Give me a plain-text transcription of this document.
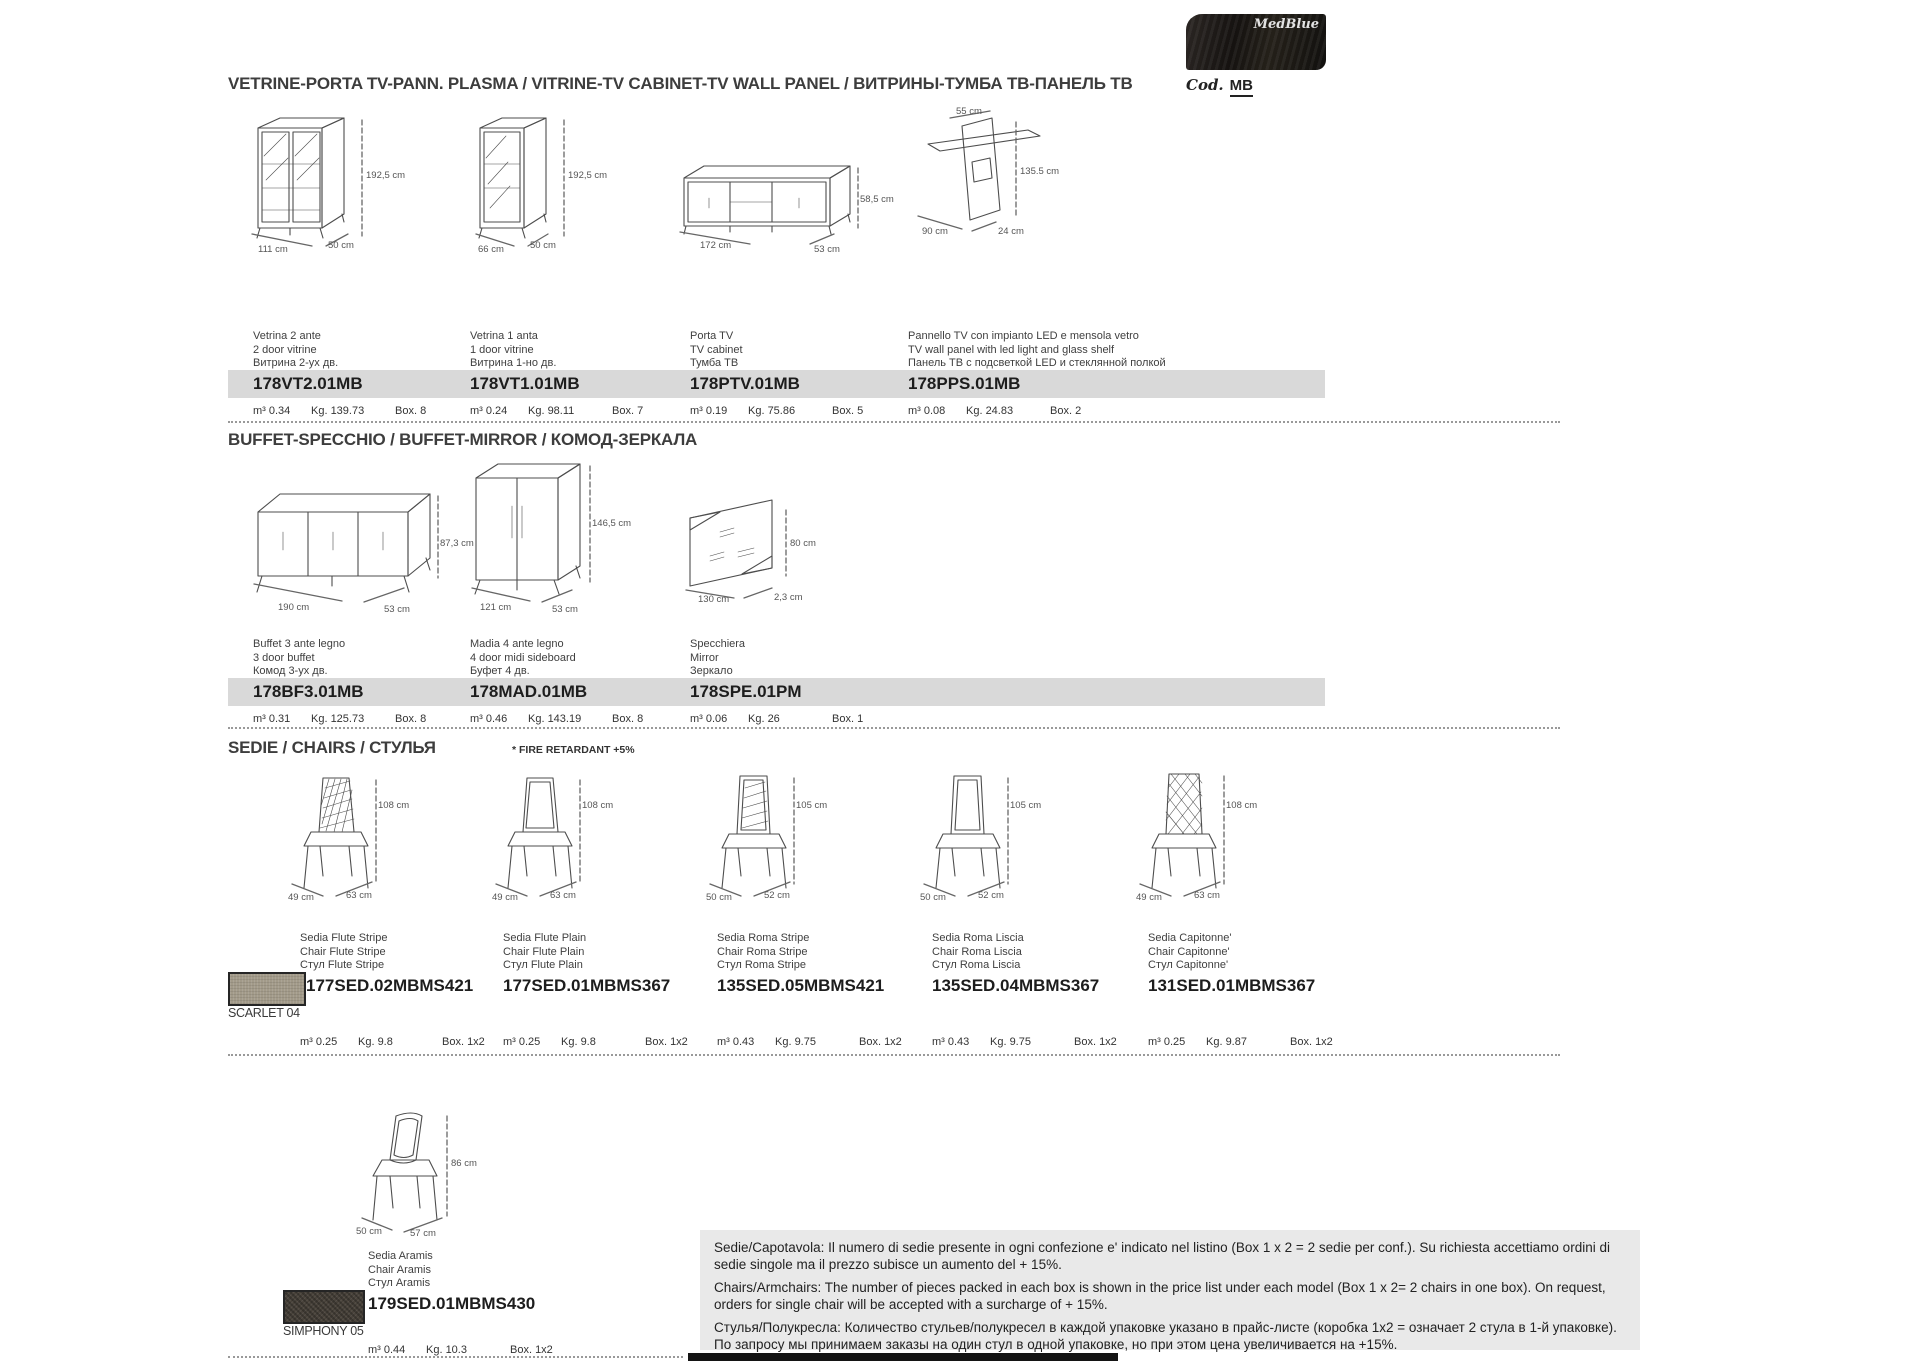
MedBlue
Cod. MB
VETRINE-PORTA TV-PANN. PLASMA / VITRINE-TV CABINET-TV WALL PANEL / ВИТРИНЫ-ТУМБА ТВ-ПАНЕЛЬ ТВ
192,5 cm
111 cm	50 cm
192,5 cm
66 cm	50 cm
58,5 cm
172 cm	53 cm
55 cm
135.5 cm
90 cm	24 cm
Vetrina 2 ante
2 door vitrine
Витрина 2-ух дв.
Vetrina 1 anta
1 door vitrine
Витрина 1-но дв.
Porta TV
TV cabinet
Тумба ТВ
Pannello TV con impianto LED e mensola vetro
TV wall panel with led light and glass shelf
Панель ТВ с подсветкой LED и стеклянной полкой
178VT2.01MB	178VT1.01MB	178PTV.01MB	178PPS.01MB
m³ 0.34	Kg. 139.73	Box. 8	m³ 0.24	Kg. 98.11	Box. 7	m³ 0.19	Kg. 75.86	Box. 5	m³ 0.08	Kg. 24.83	Box. 2
BUFFET-SPECCHIO / BUFFET-MIRROR / КОМОД-ЗЕРКАЛА
87,3 cm
190 cm	53 cm
146,5 cm
121 cm	53 cm
80 cm
130 cm	2,3 cm
Buffet 3 ante legno
3 door buffet
Комод 3-ух дв.
Madia 4 ante legno
4 door midi sideboard
Буфет 4 дв.
Specchiera
Mirror
Зеркало
178BF3.01MB	178MAD.01MB	178SPE.01PM
m³ 0.31	Kg. 125.73	Box. 8	m³ 0.46	Kg. 143.19	Box. 8	m³ 0.06	Kg. 26	Box. 1
SEDIE / CHAIRS / СТУЛЬЯ	* FIRE RETARDANT +5%
108 cm
49 cm	63 cm
108 cm
49 cm	63 cm
105 cm
50 cm	52 cm
105 cm
50 cm	52 cm
108 cm
49 cm	63 cm
Sedia Flute Stripe
Chair Flute Stripe
Стул Flute Stripe
Sedia Flute Plain
Chair Flute Plain
Стул Flute Plain
Sedia Roma Stripe
Chair Roma Stripe
Стул Roma Stripe
Sedia Roma Liscia
Chair Roma Liscia
Стул Roma Liscia
Sedia Capitonne'
Chair Capitonne'
Стул Capitonne'
SCARLET 04
177SED.02MBMS421 177SED.01MBMS367	135SED.05MBMS421	135SED.04MBMS367	131SED.01MBMS367
m³ 0.25	Kg. 9.8	Box. 1x2 m³ 0.25	Kg. 9.8	Box. 1x2	m³ 0.43	Kg. 9.75	Box. 1x2	m³ 0.43	Kg. 9.75	Box. 1x2	m³ 0.25	Kg. 9.87	Box. 1x2
86 cm
50 cm	57 cm
Sedia Aramis
Chair Aramis
Стул Aramis
SIMPHONY 05
179SED.01MBMS430
m³ 0.44	Kg. 10.3	Box. 1x2

Sedie/Capotavola: Il numero di sedie presente in ogni confezione e' indicato nel listino (Box 1 x 2 = 2 sedie per conf.). Su richiesta accettiamo ordini di sedie singole ma il prezzo subisce un aumento del + 15%.

Chairs/Armchairs: The number of pieces packed in each box is shown in the price list under each model (Box 1 x 2= 2 chairs in one box). On request, orders for single chair will be accepted with a surcharge of + 15%.

Стулья/Полукресла: Количество стульев/полукресел в каждой упаковке указано в прайс-листе (коробка 1x2 = означает 2 стула в 1-й упаковке). По запросу мы принимаем заказы на один стул в одной упаковке, но при этом цена увеличивается на +15%.
